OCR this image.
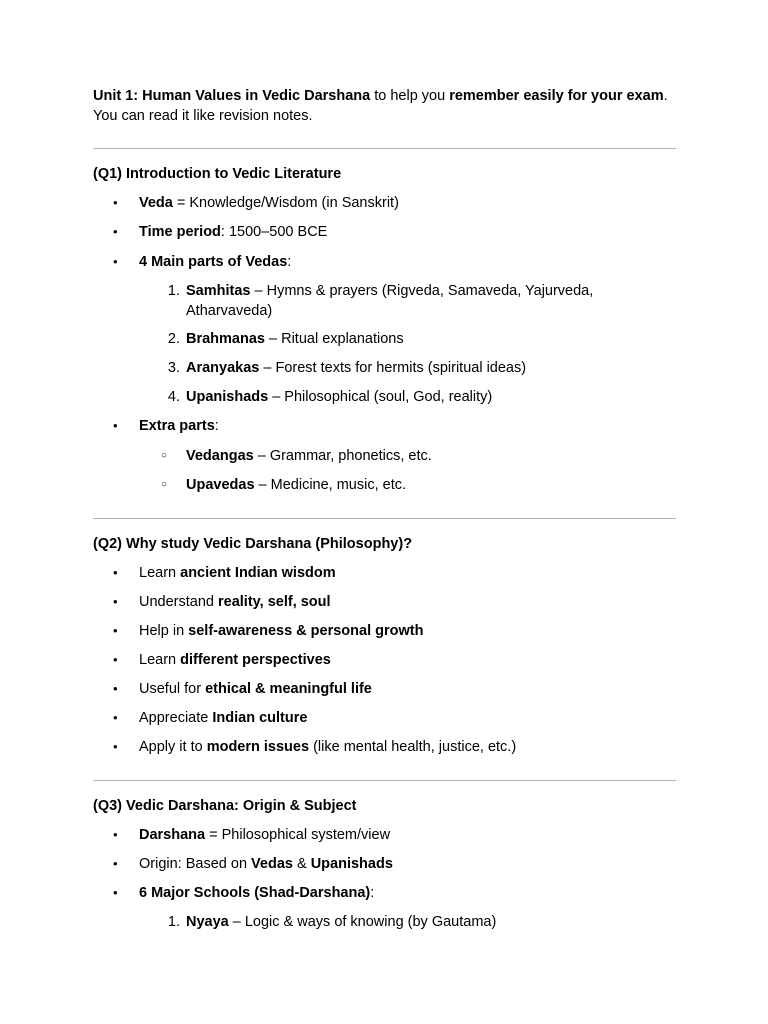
Unit 1: Human Values in Vedic Darshana to help you remember easily for your exam. You can read it like revision notes.
(Q1) Introduction to Vedic Literature
•	Veda = Knowledge/Wisdom (in Sanskrit)
•	Time period: 1500–500 BCE
•	4 Main parts of Vedas:
1. Samhitas – Hymns & prayers (Rigveda, Samaveda, Yajurveda,
Atharvaveda)
2. Brahmanas – Ritual explanations
3. Aranyakas – Forest texts for hermits (spiritual ideas)
4. Upanishads – Philosophical (soul, God, reality)
•	Extra parts:
○ Vedangas – Grammar, phonetics, etc.
○ Upavedas – Medicine, music, etc.
(Q2) Why study Vedic Darshana (Philosophy)?
•	Learn ancient Indian wisdom
•	Understand reality, self, soul
•	Help in self-awareness & personal growth
•	Learn different perspectives
•	Useful for ethical & meaningful life
•	Appreciate Indian culture
•	Apply it to modern issues (like mental health, justice, etc.)
(Q3) Vedic Darshana: Origin & Subject
•	Darshana = Philosophical system/view
•	Origin: Based on Vedas & Upanishads
•	6 Major Schools (Shad-Darshana):
1. Nyaya – Logic & ways of knowing (by Gautama)
